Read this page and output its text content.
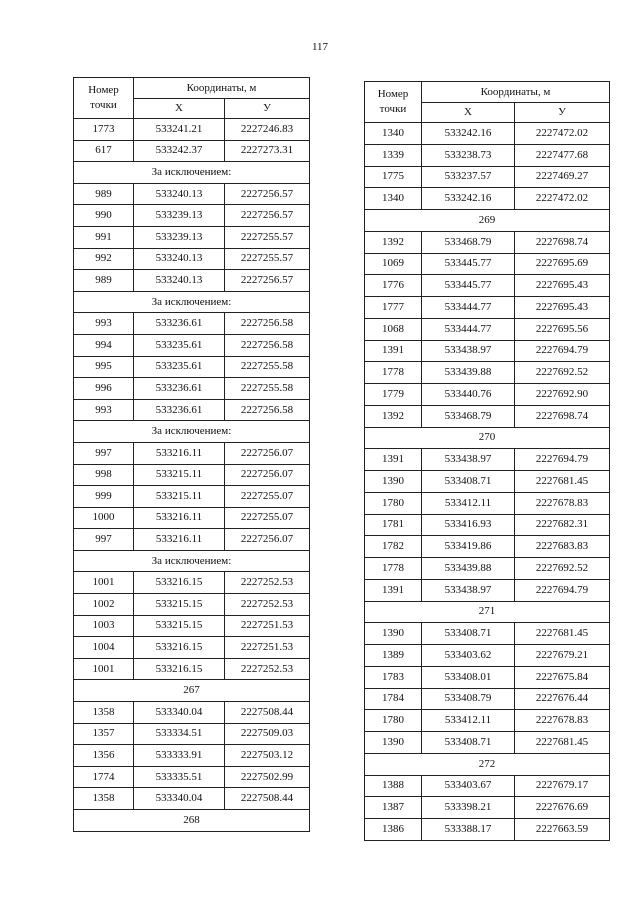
117
Номер
точки	Координаты, м	
	X	У
1773	533241.21	2227246.83
617	533242.37	2227273.31
За исключением:		
989	533240.13	2227256.57
990	533239.13	2227256.57
991	533239.13	2227255.57
992	533240.13	2227255.57
989	533240.13	2227256.57
За исключением:		
993	533236.61	2227256.58
994	533235.61	2227256.58
995	533235.61	2227255.58
996	533236.61	2227255.58
993	533236.61	2227256.58
За исключением:		
997	533216.11	2227256.07
998	533215.11	2227256.07
999	533215.11	2227255.07
1000	533216.11	2227255.07
997	533216.11	2227256.07
За исключением:		
1001	533216.15	2227252.53
1002	533215.15	2227252.53
1003	533215.15	2227251.53
1004	533216.15	2227251.53
1001	533216.15	2227252.53
267		
1358	533340.04	2227508.44
1357	533334.51	2227509.03
1356	533333.91	2227503.12
1774	533335.51	2227502.99
1358	533340.04	2227508.44
268		
Номер
точки	Координаты, м	
	X	У
1340	533242.16	2227472.02
1339	533238.73	2227477.68
1775	533237.57	2227469.27
1340	533242.16	2227472.02
269		
1392	533468.79	2227698.74
1069	533445.77	2227695.69
1776	533445.77	2227695.43
1777	533444.77	2227695.43
1068	533444.77	2227695.56
1391	533438.97	2227694.79
1778	533439.88	2227692.52
1779	533440.76	2227692.90
1392	533468.79	2227698.74
270		
1391	533438.97	2227694.79
1390	533408.71	2227681.45
1780	533412.11	2227678.83
1781	533416.93	2227682.31
1782	533419.86	2227683.83
1778	533439.88	2227692.52
1391	533438.97	2227694.79
271		
1390	533408.71	2227681.45
1389	533403.62	2227679.21
1783	533408.01	2227675.84
1784	533408.79	2227676.44
1780	533412.11	2227678.83
1390	533408.71	2227681.45
272		
1388	533403.67	2227679.17
1387	533398.21	2227676.69
1386	533388.17	2227663.59
